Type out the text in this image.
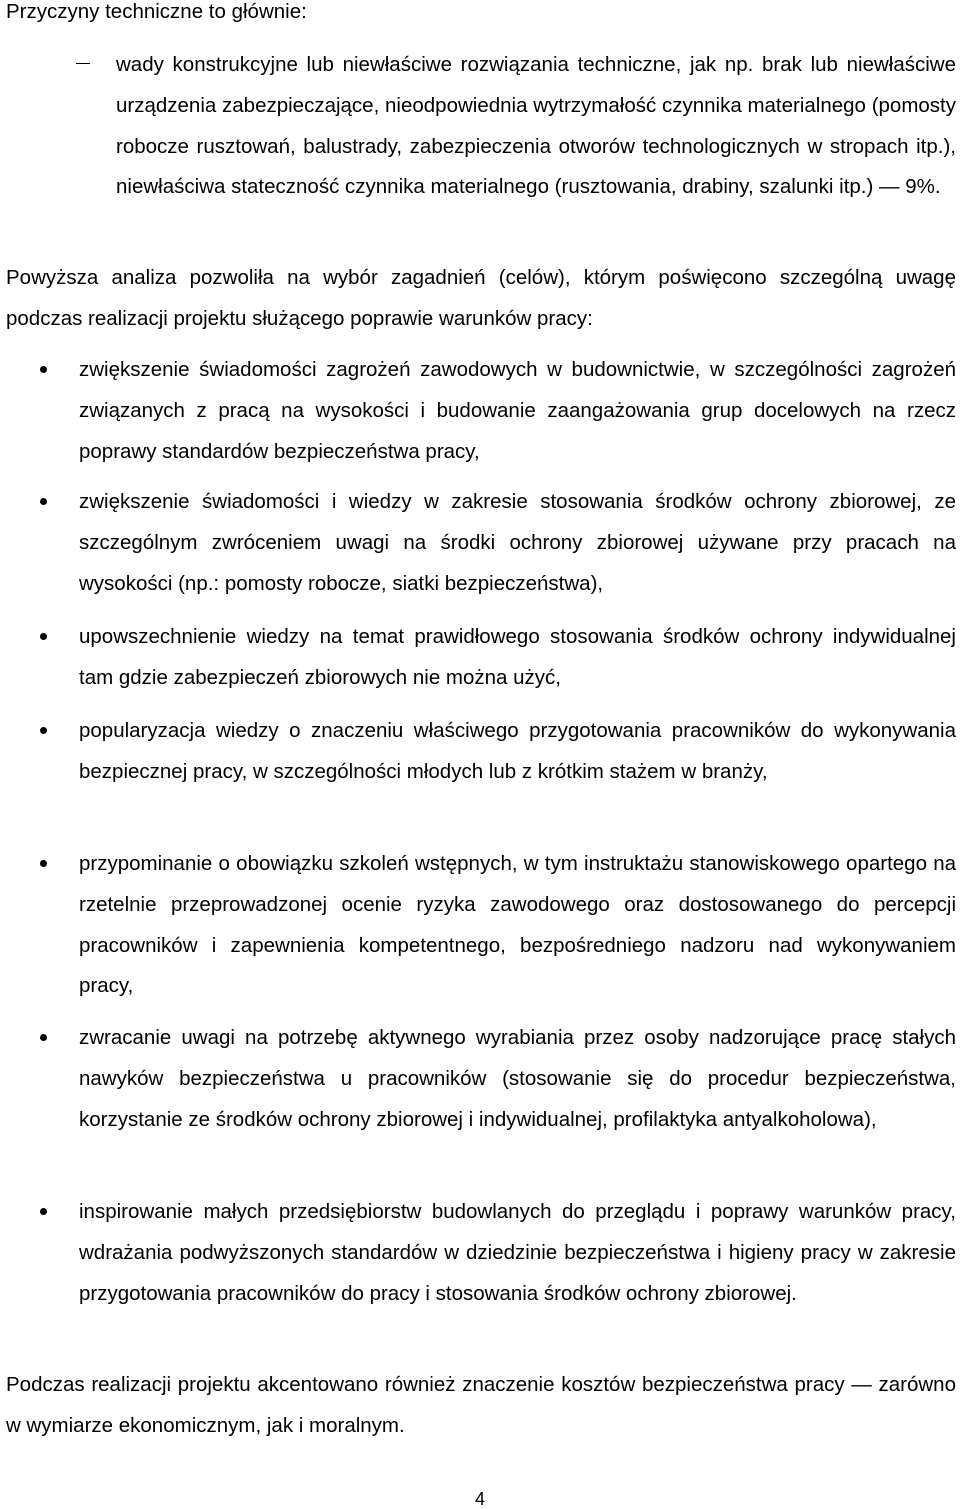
Przyczyny techniczne to głównie:
wady konstrukcyjne lub niewłaściwe rozwiązania techniczne, jak np. brak lub niewłaściwe urządzenia zabezpieczające, nieodpowiednia wytrzymałość czynnika materialnego (pomosty robocze rusztowań, balustrady, zabezpieczenia otworów technologicznych w stropach itp.), niewłaściwa stateczność czynnika materialnego (rusztowania, drabiny, szalunki itp.) — 9%.
Powyższa analiza pozwoliła na wybór zagadnień (celów), którym poświęcono szczególną uwagę podczas realizacji projektu służącego poprawie warunków pracy:
zwiększenie świadomości zagrożeń zawodowych w budownictwie, w szczególności zagrożeń związanych z pracą na wysokości i budowanie zaangażowania grup docelowych na rzecz poprawy standardów bezpieczeństwa pracy,
zwiększenie świadomości i wiedzy w zakresie stosowania środków ochrony zbiorowej, ze szczególnym zwróceniem uwagi na środki ochrony zbiorowej używane przy pracach na wysokości (np.: pomosty robocze, siatki bezpieczeństwa),
upowszechnienie wiedzy na temat prawidłowego stosowania środków ochrony indywidualnej tam gdzie zabezpieczeń zbiorowych nie można użyć,
popularyzacja wiedzy o znaczeniu właściwego przygotowania pracowników do wykonywania bezpiecznej pracy, w szczególności młodych lub z krótkim stażem w branży,
przypominanie o obowiązku szkoleń wstępnych, w tym instruktażu stanowiskowego opartego na rzetelnie przeprowadzonej ocenie ryzyka zawodowego oraz dostosowanego do percepcji pracowników i zapewnienia kompetentnego, bezpośredniego nadzoru nad wykonywaniem pracy,
zwracanie uwagi na potrzebę aktywnego wyrabiania przez osoby nadzorujące pracę stałych nawyków bezpieczeństwa u pracowników (stosowanie się do procedur bezpieczeństwa, korzystanie ze środków ochrony zbiorowej i indywidualnej, profilaktyka antyalkoholowa),
inspirowanie małych przedsiębiorstw budowlanych do przeglądu i poprawy warunków pracy, wdrażania podwyższonych standardów w dziedzinie bezpieczeństwa i higieny pracy w zakresie przygotowania pracowników do pracy i stosowania środków ochrony zbiorowej.
Podczas realizacji projektu akcentowano również znaczenie kosztów bezpieczeństwa pracy — zarówno w wymiarze ekonomicznym, jak i moralnym.
4
